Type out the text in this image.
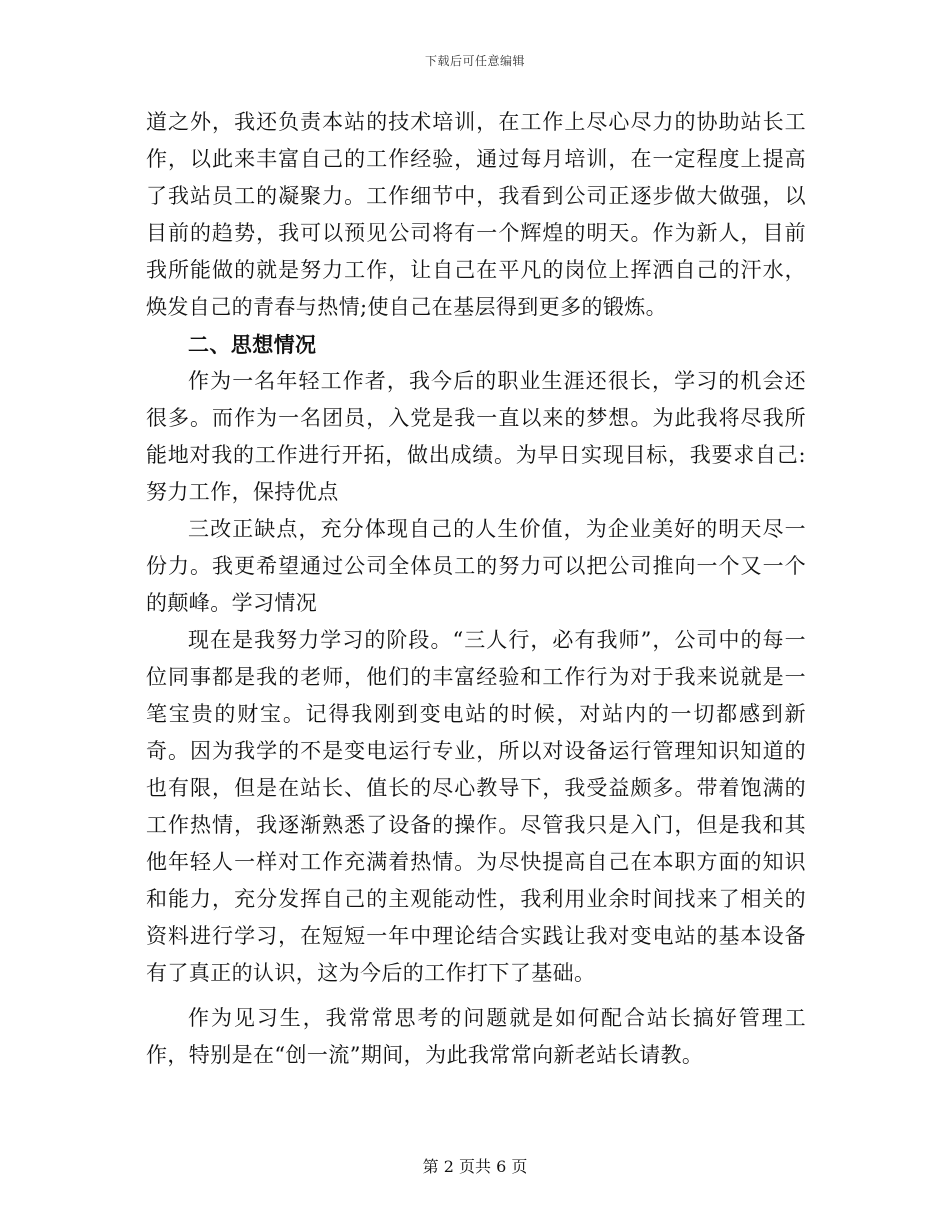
下载后可任意编辑

道之外，我还负责本站的技术培训，在工作上尽心尽力的协助站长工作，以此来丰富自己的工作经验，通过每月培训，在一定程度上提高了我站员工的凝聚力。工作细节中，我看到公司正逐步做大做强，以目前的趋势，我可以预见公司将有一个辉煌的明天。作为新人，目前我所能做的就是努力工作，让自己在平凡的岗位上挥洒自己的汗水，焕发自己的青春与热情;使自己在基层得到更多的锻炼。

二、思想情况

作为一名年轻工作者，我今后的职业生涯还很长，学习的机会还很多。而作为一名团员，入党是我一直以来的梦想。为此我将尽我所能地对我的工作进行开拓，做出成绩。为早日实现目标，我要求自己:努力工作，保持优点

三改正缺点，充分体现自己的人生价值，为企业美好的明天尽一份力。我更希望通过公司全体员工的努力可以把公司推向一个又一个的颠峰。学习情况

现在是我努力学习的阶段。“三人行，必有我师”，公司中的每一位同事都是我的老师，他们的丰富经验和工作行为对于我来说就是一笔宝贵的财宝。记得我刚到变电站的时候，对站内的一切都感到新奇。因为我学的不是变电运行专业，所以对设备运行管理知识知道的也有限，但是在站长、值长的尽心教导下，我受益颇多。带着饱满的工作热情，我逐渐熟悉了设备的操作。尽管我只是入门，但是我和其他年轻人一样对工作充满着热情。为尽快提高自己在本职方面的知识和能力，充分发挥自己的主观能动性，我利用业余时间找来了相关的资料进行学习，在短短一年中理论结合实践让我对变电站的基本设备有了真正的认识，这为今后的工作打下了基础。

作为见习生，我常常思考的问题就是如何配合站长搞好管理工作，特别是在“创一流”期间，为此我常常向新老站长请教。

第 2 页共 6 页
